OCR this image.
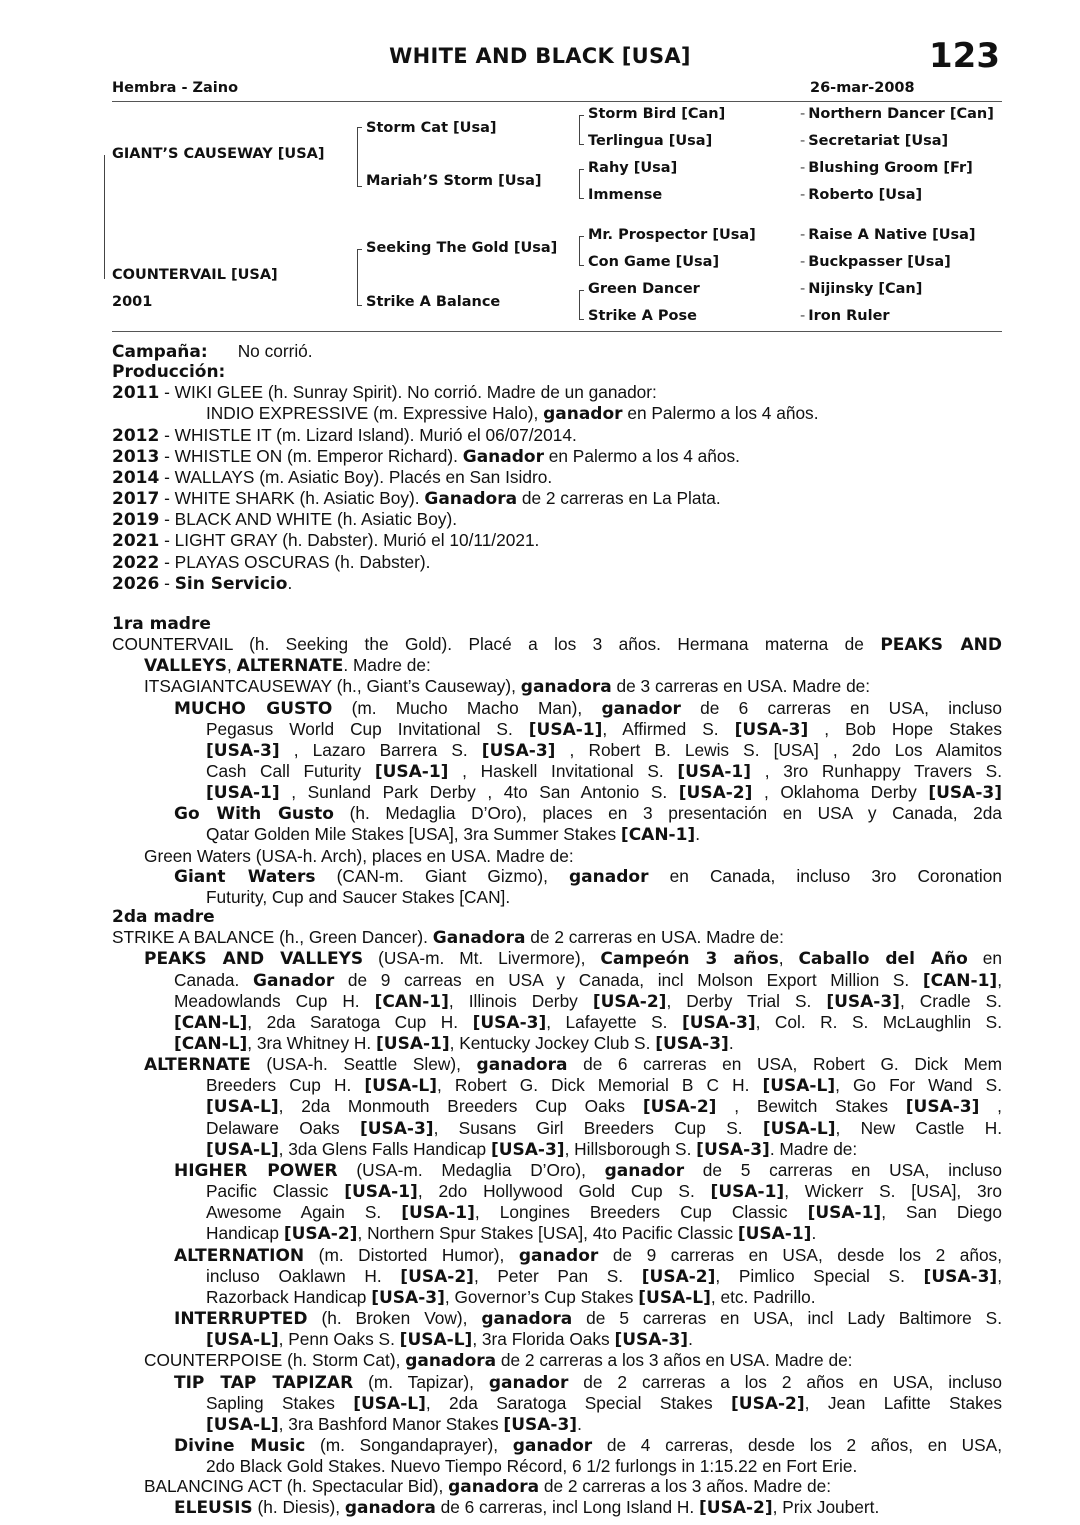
WHITE AND BLACK [USA]	123
Hembra - Zaino	26-mar-2008
GIANT’S CAUSEWAY [USA]
COUNTERVAIL [USA]
2001
Storm Cat [Usa]
Mariah’S Storm [Usa]
Seeking The Gold [Usa]
Strike A Balance
Storm Bird [Can]
Terlingua [Usa]
Rahy [Usa]
Immense
Mr. Prospector [Usa]
Con Game [Usa]
Green Dancer
Strike A Pose
- Northern Dancer [Can]
- Secretariat [Usa]
- Blushing Groom [Fr]
- Roberto [Usa]
- Raise A Native [Usa]
- Buckpasser [Usa]
- Nijinsky [Can]
- Iron Ruler
Campaña: No corrió.
Producción:
2011 - WIKI GLEE (h. Sunray Spirit). No corrió. Madre de un ganador:
INDIO EXPRESSIVE (m. Expressive Halo), ganador en Palermo a los 4 años.
2012 - WHISTLE IT (m. Lizard Island). Murió el 06/07/2014.
2013 - WHISTLE ON (m. Emperor Richard). Ganador en Palermo a los 4 años.
2014 - WALLAYS (m. Asiatic Boy). Placés en San Isidro.
2017 - WHITE SHARK (h. Asiatic Boy). Ganadora de 2 carreras en La Plata.
2019 - BLACK AND WHITE (h. Asiatic Boy).
2021 - LIGHT GRAY (h. Dabster). Murió el 10/11/2021.
2022 - PLAYAS OSCURAS (h. Dabster).
2026 - Sin Servicio.
1ra madre
COUNTERVAIL (h. Seeking the Gold). Placé a los 3 años. Hermana materna de PEAKS AND
VALLEYS, ALTERNATE. Madre de:
ITSAGIANTCAUSEWAY (h., Giant’s Causeway), ganadora de 3 carreras en USA. Madre de:
MUCHO GUSTO (m. Mucho Macho Man), ganador de 6 carreras en USA, incluso
Pegasus World Cup Invitational S. [USA-1], Affirmed S. [USA-3] , Bob Hope Stakes
[USA-3] , Lazaro Barrera S. [USA-3] , Robert B. Lewis S. [USA] , 2do Los Alamitos
Cash Call Futurity [USA-1] , Haskell Invitational S. [USA-1] , 3ro Runhappy Travers S.
[USA-1] , Sunland Park Derby , 4to San Antonio S. [USA-2] , Oklahoma Derby [USA-3]
Go With Gusto (h. Medaglia D’Oro), places en 3 presentación en USA y Canada, 2da
Qatar Golden Mile Stakes [USA], 3ra Summer Stakes [CAN-1].
Green Waters (USA-h. Arch), places en USA. Madre de:
Giant Waters (CAN-m. Giant Gizmo), ganador en Canada, incluso 3ro Coronation
Futurity, Cup and Saucer Stakes [CAN].
2da madre
STRIKE A BALANCE (h., Green Dancer). Ganadora de 2 carreras en USA. Madre de:
PEAKS AND VALLEYS (USA-m. Mt. Livermore), Campeón 3 años, Caballo del Año en
Canada. Ganador de 9 carreas en USA y Canada, incl Molson Export Million S. [CAN-1],
Meadowlands Cup H. [CAN-1], Illinois Derby [USA-2], Derby Trial S. [USA-3], Cradle S.
[CAN-L], 2da Saratoga Cup H. [USA-3], Lafayette S. [USA-3], Col. R. S. McLaughlin S.
[CAN-L], 3ra Whitney H. [USA-1], Kentucky Jockey Club S. [USA-3].
ALTERNATE (USA-h. Seattle Slew), ganadora de 6 carreras en USA, Robert G. Dick Mem
Breeders Cup H. [USA-L], Robert G. Dick Memorial B C H. [USA-L], Go For Wand S.
[USA-L], 2da Monmouth Breeders Cup Oaks [USA-2] , Bewitch Stakes [USA-3] ,
Delaware Oaks [USA-3], Susans Girl Breeders Cup S. [USA-L], New Castle H.
[USA-L], 3da Glens Falls Handicap [USA-3], Hillsborough S. [USA-3]. Madre de:
HIGHER POWER (USA-m. Medaglia D’Oro), ganador de 5 carreras en USA, incluso
Pacific Classic [USA-1], 2do Hollywood Gold Cup S. [USA-1], Wickerr S. [USA], 3ro
Awesome Again S. [USA-1], Longines Breeders Cup Classic [USA-1], San Diego
Handicap [USA-2], Northern Spur Stakes [USA], 4to Pacific Classic [USA-1].
ALTERNATION (m. Distorted Humor), ganador de 9 carreras en USA, desde los 2 años,
incluso Oaklawn H. [USA-2], Peter Pan S. [USA-2], Pimlico Special S. [USA-3],
Razorback Handicap [USA-3], Governor’s Cup Stakes [USA-L], etc. Padrillo.
INTERRUPTED (h. Broken Vow), ganadora de 5 carreras en USA, incl Lady Baltimore S.
[USA-L], Penn Oaks S. [USA-L], 3ra Florida Oaks [USA-3].
COUNTERPOISE (h. Storm Cat), ganadora de 2 carreras a los 3 años en USA. Madre de:
TIP TAP TAPIZAR (m. Tapizar), ganador de 2 carreras a los 2 años en USA, incluso
Sapling Stakes [USA-L], 2da Saratoga Special Stakes [USA-2], Jean Lafitte Stakes
[USA-L], 3ra Bashford Manor Stakes [USA-3].
Divine Music (m. Songandaprayer), ganador de 4 carreras, desde los 2 años, en USA,
2do Black Gold Stakes. Nuevo Tiempo Récord, 6 1/2 furlongs in 1:15.22 en Fort Erie.
BALANCING ACT (h. Spectacular Bid), ganadora de 2 carreras a los 3 años. Madre de:
ELEUSIS (h. Diesis), ganadora de 6 carreras, incl Long Island H. [USA-2], Prix Joubert.
